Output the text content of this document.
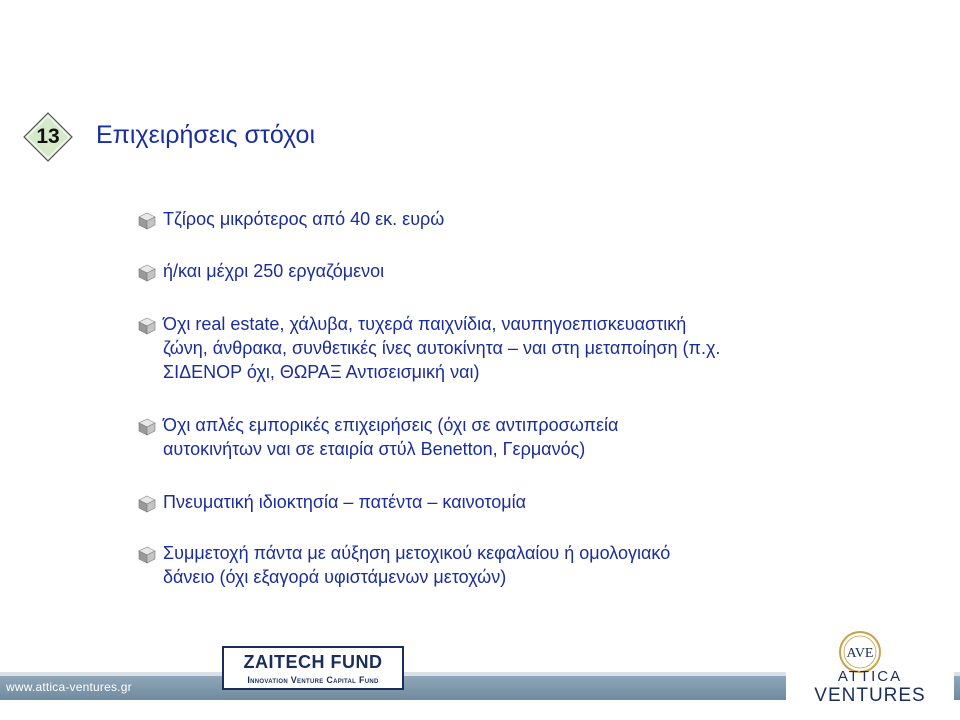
13	Επιχειρήσεις στόχοι
Τζίρος μικρότερος από 40 εκ. ευρώ
ή/και μέχρι 250 εργαζόμενοι
Όχι real estate, χάλυβα, τυχερά παιχνίδια, ναυπηγοεπισκευαστική
ζώνη, άνθρακα, συνθετικές ίνες αυτοκίνητα – ναι στη μεταποίηση (π.χ.
ΣΙΔΕΝΟΡ όχι, ΘΩΡΑΞ Αντισεισμική ναι)
Όχι απλές εμπορικές επιχειρήσεις (όχι σε αντιπροσωπεία
αυτοκινήτων ναι σε εταιρία στύλ Benetton, Γερμανός)
Πνευματική ιδιοκτησία – πατέντα – καινοτομία
Συμμετοχή πάντα με αύξηση μετοχικού κεφαλαίου ή ομολογιακό
δάνειο (όχι εξαγορά υφιστάμενων μετοχών)
www.attica-ventures.gr
ZAITECH FUND
Innovation Venture Capital Fund
AVE
ATTICA
VENTURES
